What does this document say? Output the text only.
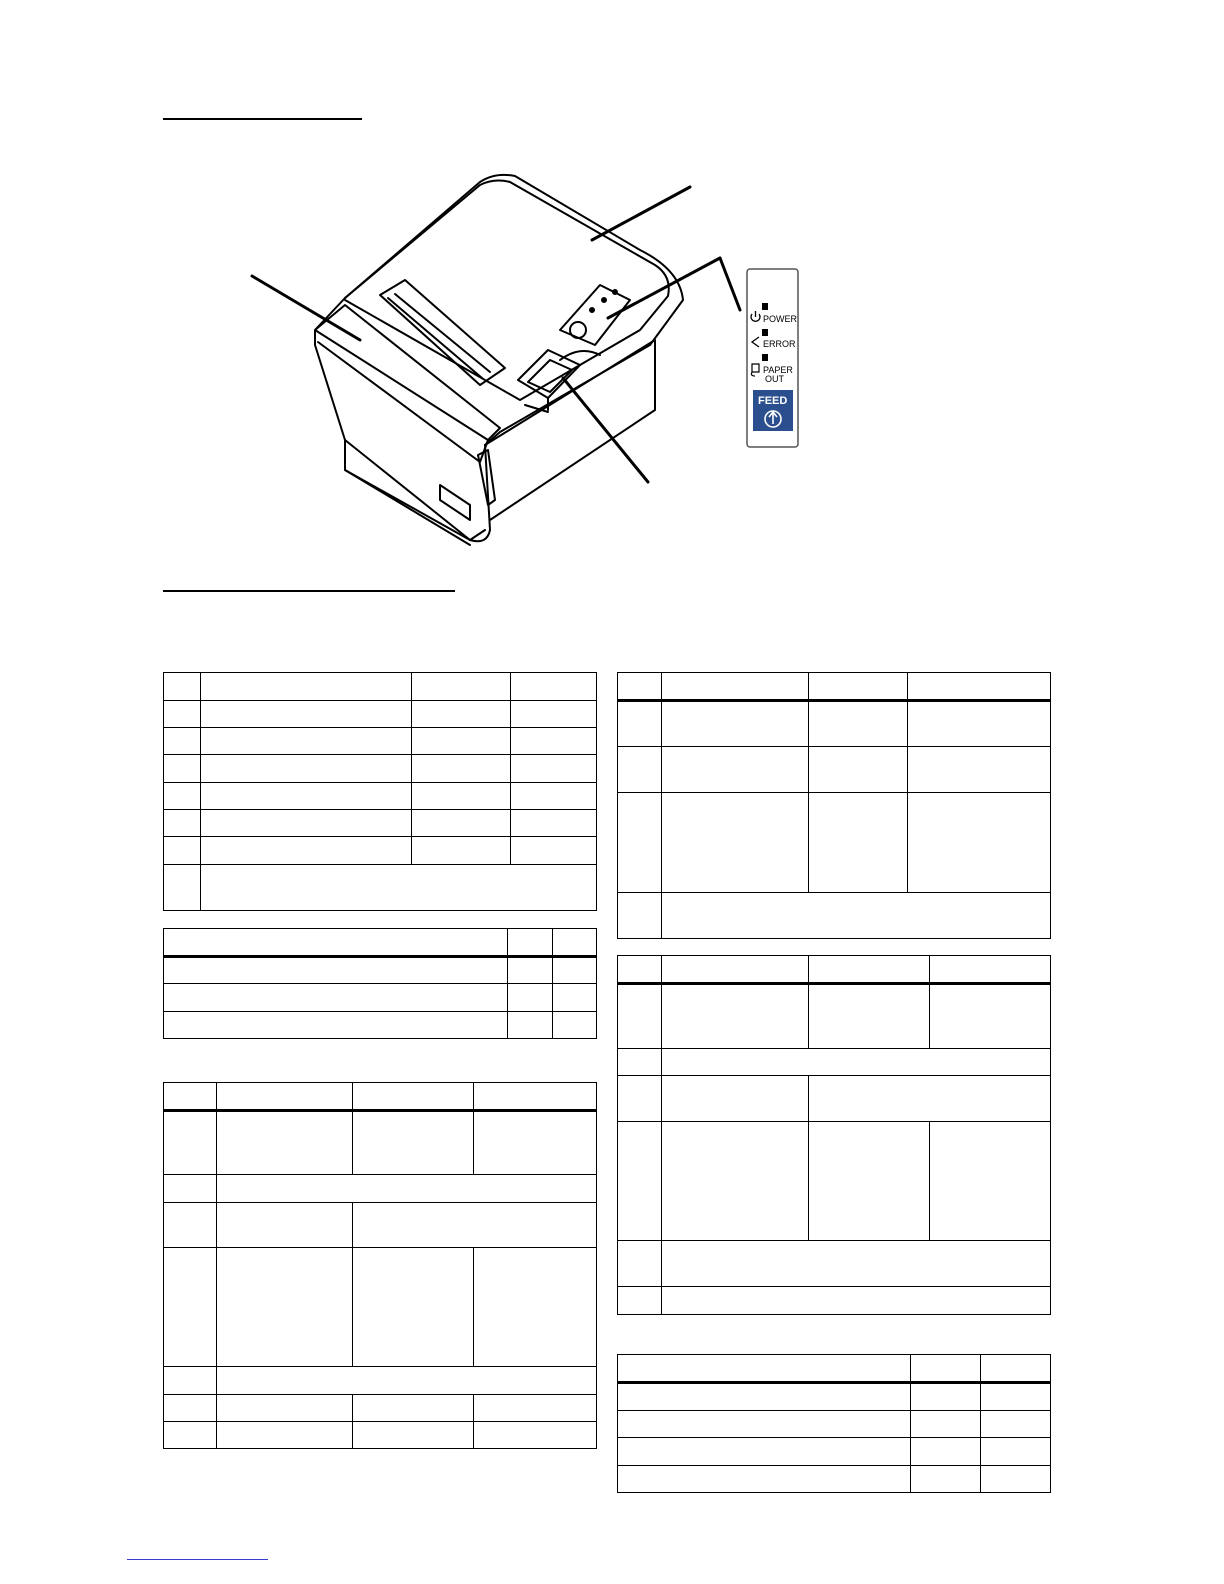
POWER
ERROR
PAPER
OUT
FEED
